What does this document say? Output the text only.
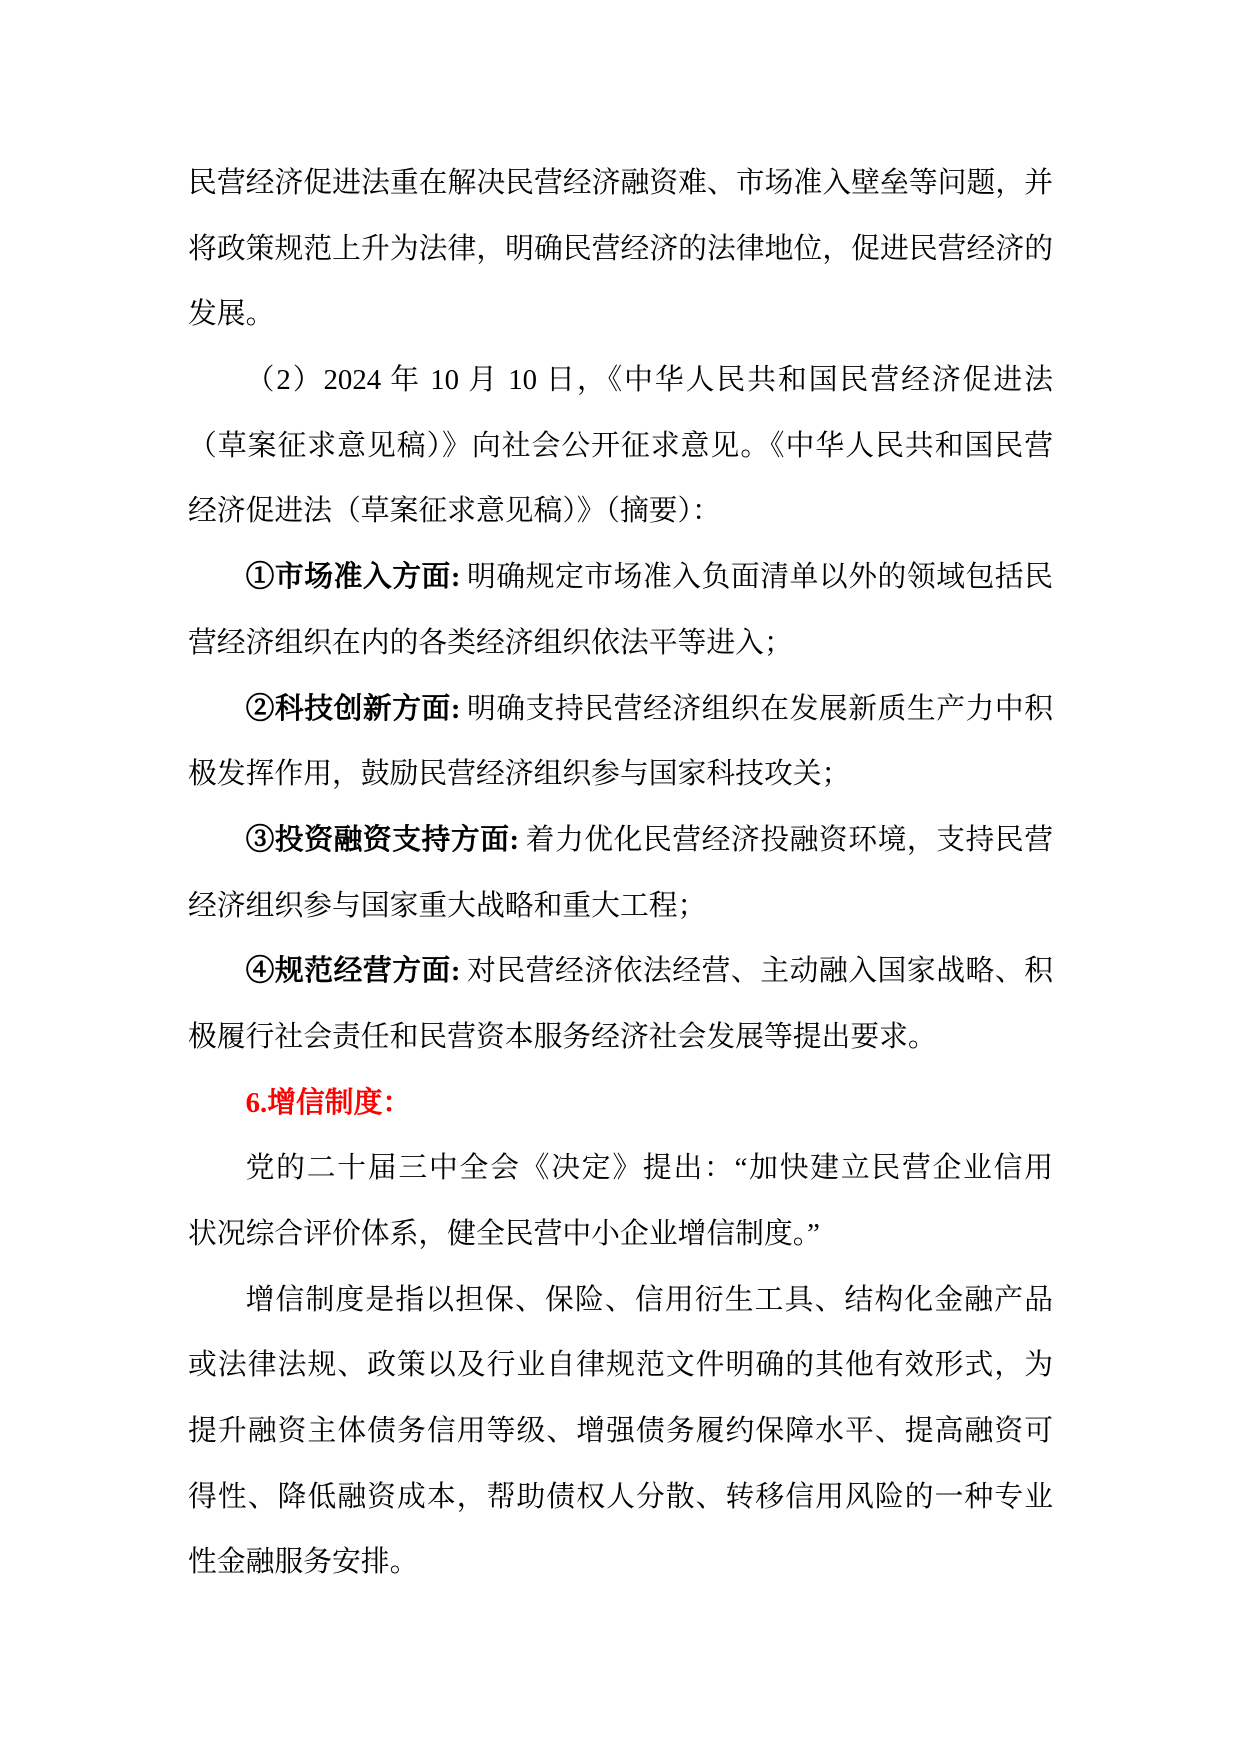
民营经济促进法重在解决民营经济融资难、市场准入壁垒等问题，并
将政策规范上升为法律，明确民营经济的法律地位，促进民营经济的
发展。
（2）2024 年 10 月 10 日，《中华人民共和国民营经济促进法
（草案征求意见稿）》向社会公开征求意见。《中华人民共和国民营
经济促进法（草案征求意见稿）》（摘要）：
①市场准入方面: 明确规定市场准入负面清单以外的领域包括民
营经济组织在内的各类经济组织依法平等进入；
②科技创新方面: 明确支持民营经济组织在发展新质生产力中积
极发挥作用，鼓励民营经济组织参与国家科技攻关；
③投资融资支持方面: 着力优化民营经济投融资环境，支持民营
经济组织参与国家重大战略和重大工程；
④规范经营方面: 对民营经济依法经营、主动融入国家战略、积
极履行社会责任和民营资本服务经济社会发展等提出要求。
6.增信制度：
党的二十届三中全会《决定》提出：“加快建立民营企业信用
状况综合评价体系，健全民营中小企业增信制度。”
增信制度是指以担保、保险、信用衍生工具、结构化金融产品
或法律法规、政策以及行业自律规范文件明确的其他有效形式，为
提升融资主体债务信用等级、增强债务履约保障水平、提高融资可
得性、降低融资成本，帮助债权人分散、转移信用风险的一种专业
性金融服务安排。
